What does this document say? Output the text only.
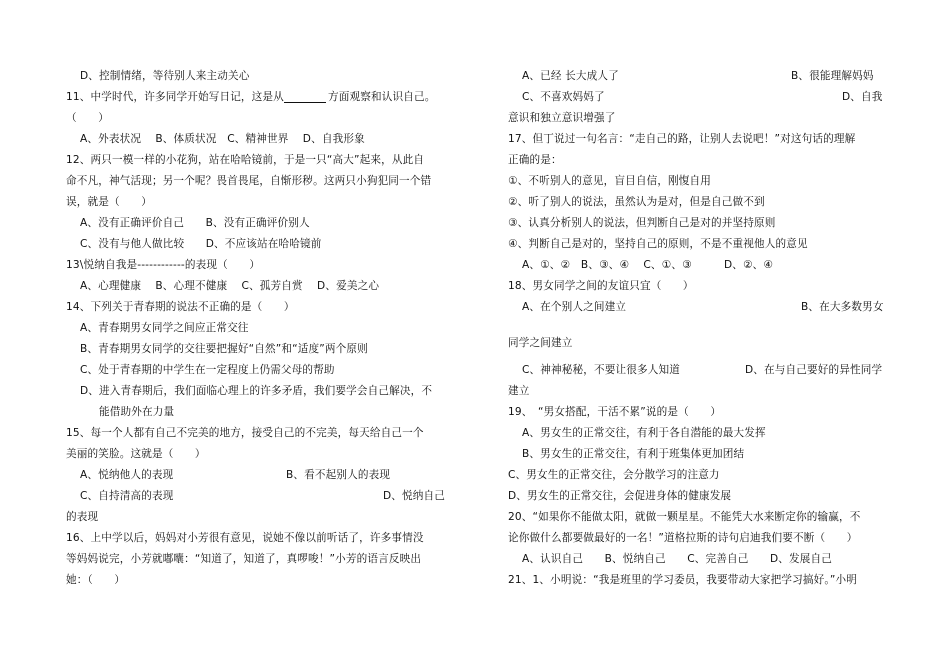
D、控制情绪，等待别人来主动关心
11、中学时代，许多同学开始写日记，这是从	方面观察和认识自己。
（　　）
A、外表状况　 B、体质状况　C、精神世界　 D、自我形象
12、两只一模一样的小花狗，站在哈哈镜前，于是一只“高大”起来，从此自
命不凡，神气活现；另一个呢？畏首畏尾，自惭形秽。这两只小狗犯同一个错
误，就是（　　）
A、没有正确评价自己　　B、没有正确评价别人
C、没有与他人做比较　　D、不应该站在哈哈镜前
13\悦纳自我是------------的表现（　　）
A、心理健康　 B、心理不健康　 C、孤芳自赏　 D、爱美之心
14、下列关于青春期的说法不正确的是（　　）
A、青春期男女同学之间应正常交往
B、青春期男女同学的交往要把握好“自然”和“适度”两个原则
C、处于青春期的中学生在一定程度上仍需父母的帮助
D、进入青春期后，我们面临心理上的许多矛盾，我们要学会自己解决，不
能借助外在力量
15、每一个人都有自己不完美的地方，接受自己的不完美，每天给自己一个
美丽的笑脸。这就是（　　）
A、悦纳他人的表现	B、看不起别人的表现
C、自持清高的表现	D、悦纳自己
的表现
16、上中学以后，妈妈对小芳很有意见，说她不像以前听话了，许多事情没
等妈妈说完，小芳就嘟囔：“知道了，知道了，真啰唆！”小芳的语言反映出
她：（　　）
A、已经 长大成人了	B、很能理解妈妈
C、不喜欢妈妈了	D、自我
意识和独立意识增强了
17、但丁说过一句名言：“走自己的路，让别人去说吧！”对这句话的理解
正确的是：
①、不听别人的意见，盲目自信，刚愎自用
②、听了别人的说法，虽然认为是对，但是自己做不到
③、认真分析别人的说法，但判断自己是对的并坚持原则
④、判断自己是对的，坚持自己的原则，不是不重视他人的意见
A、①、②　B、③、④　 C、①、③　　　D、②、④
18、男女同学之间的友谊只宜（　　）
A、在个别人之间建立	B、在大多数男女
同学之间建立
C、神神秘秘，不要让很多人知道	D、在与自己要好的异性同学
建立
19、　“男女搭配，干活不累”说的是（　　）
A、男女生的正常交往，有利于各自潜能的最大发挥
B、男女生的正常交往，有利于班集体更加团结
C、男女生的正常交往，会分散学习的注意力
D、男女生的正常交往，会促进身体的健康发展
20、“如果你不能做太阳，就做一颗星星。不能凭大水来断定你的输赢，不
论你做什么都要做最好的一名！”道格拉斯的诗句启迪我们要不断（　　）
A、认识自己　　B、悦纳自己　　C、完善自己　　D、发展自己
21、1、小明说：“我是班里的学习委员，我要带动大家把学习搞好。”小明
